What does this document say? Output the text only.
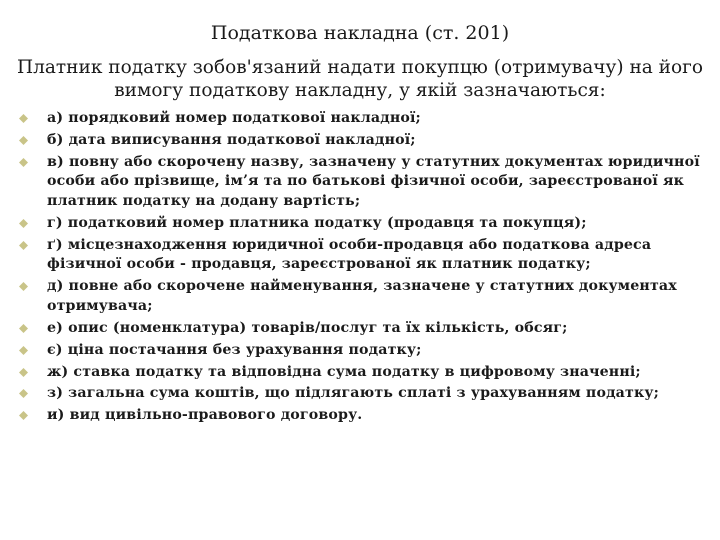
Податкова накладна (ст. 201)

Платник податку зобов'язаний надати покупцю (отримувачу) на його вимогу податкову накладну, у якій зазначаються:

а) порядковий номер податкової накладної;
б) дата виписування податкової накладної;
в) повну або скорочену назву, зазначену у статутних документах юридичної особи або прізвище, ім’я та по батькові фізичної особи, зареєстрованої як платник податку на додану вартість;
г) податковий номер платника податку (продавця та покупця);
ґ) місцезнаходження юридичної особи-продавця або податкова адреса фізичної особи - продавця, зареєстрованої як платник податку;
д) повне або скорочене найменування, зазначене у статутних документах отримувача;
е) опис (номенклатура) товарів/послуг та їх кількість, обсяг;
є) ціна постачання без урахування податку;
ж) ставка податку та відповідна сума податку в цифровому значенні;
з) загальна сума коштів, що підлягають сплаті з урахуванням податку;
и) вид цивільно-правового договору.
